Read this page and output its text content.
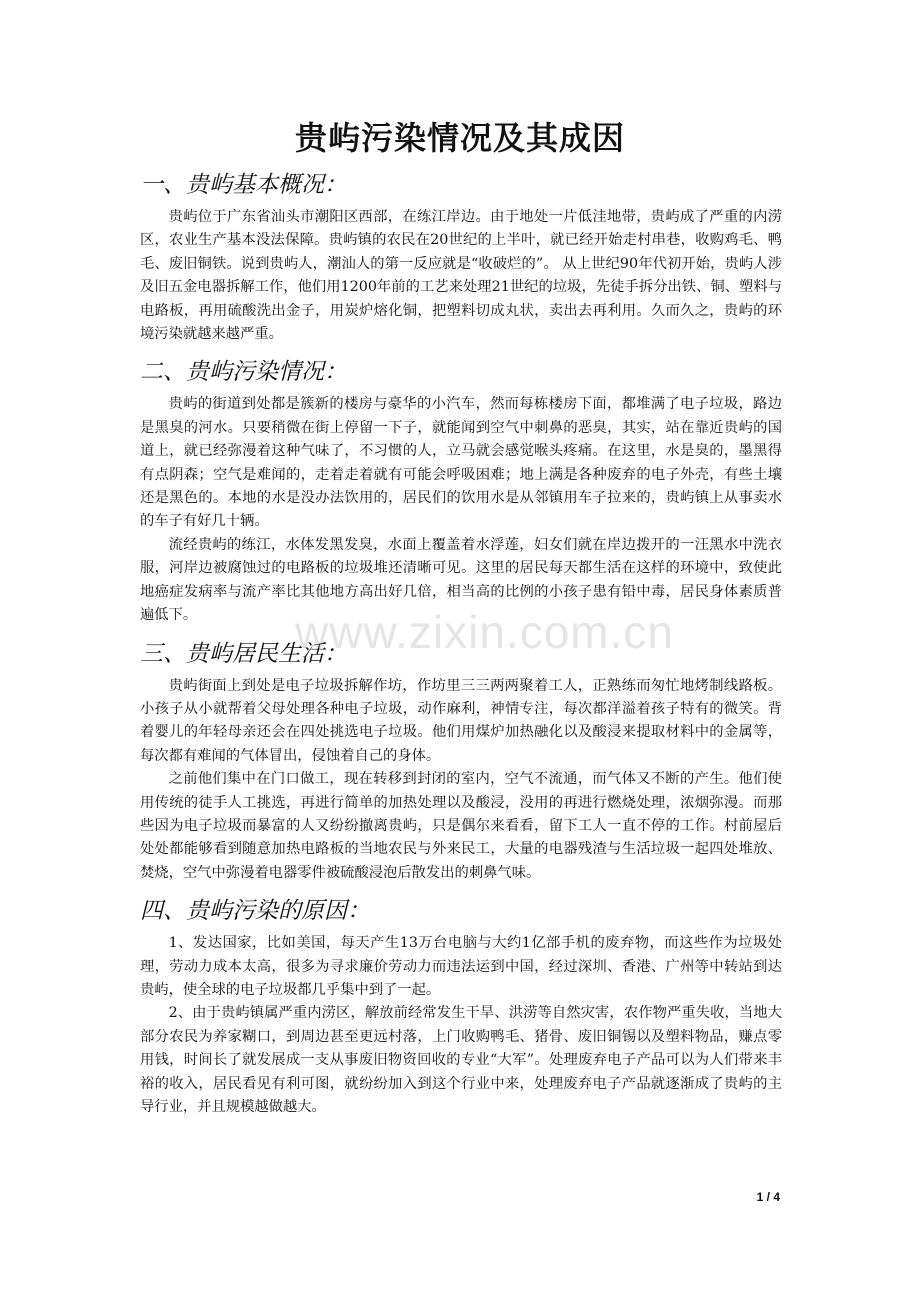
贵屿污染情况及其成因
一、贵屿基本概况：

贵屿位于广东省汕头市潮阳区西部，在练江岸边。由于地处一片低洼地带，贵屿成了严重的内涝区，农业生产基本没法保障。贵屿镇的农民在20世纪的上半叶，就已经开始走村串巷，收购鸡毛、鸭毛、废旧铜铁。说到贵屿人，潮汕人的第一反应就是“收破烂的”。 从上世纪90年代初开始，贵屿人涉及旧五金电器拆解工作，他们用1200年前的工艺来处理21世纪的垃圾，先徒手拆分出铁、铜、塑料与电路板，再用硫酸洗出金子，用炭炉熔化铜，把塑料切成丸状，卖出去再利用。久而久之，贵屿的环境污染就越来越严重。

二、贵屿污染情况：

贵屿的街道到处都是簇新的楼房与豪华的小汽车，然而每栋楼房下面，都堆满了电子垃圾，路边是黑臭的河水。只要稍微在街上停留一下子，就能闻到空气中刺鼻的恶臭，其实，站在靠近贵屿的国道上，就已经弥漫着这种气味了，不习惯的人，立马就会感觉喉头疼痛。在这里，水是臭的，墨黑得有点阴森；空气是难闻的，走着走着就有可能会呼吸困难；地上满是各种废弃的电子外壳，有些土壤还是黑色的。本地的水是没办法饮用的，居民们的饮用水是从邻镇用车子拉来的，贵屿镇上从事卖水的车子有好几十辆。

流经贵屿的练江，水体发黑发臭，水面上覆盖着水浮莲，妇女们就在岸边拨开的一汪黑水中洗衣服，河岸边被腐蚀过的电路板的垃圾堆还清晰可见。这里的居民每天都生活在这样的环境中，致使此地癌症发病率与流产率比其他地方高出好几倍，相当高的比例的小孩子患有铅中毒，居民身体素质普遍低下。

三、贵屿居民生活：

贵屿街面上到处是电子垃圾拆解作坊，作坊里三三两两聚着工人，正熟练而匆忙地烤制线路板。小孩子从小就帮着父母处理各种电子垃圾，动作麻利，神情专注，每次都洋溢着孩子特有的微笑。背着婴儿的年轻母亲还会在四处挑选电子垃圾。他们用煤炉加热融化以及酸浸来提取材料中的金属等，每次都有难闻的气体冒出，侵蚀着自己的身体。

之前他们集中在门口做工，现在转移到封闭的室内，空气不流通，而气体又不断的产生。他们使用传统的徒手人工挑选，再进行简单的加热处理以及酸浸，没用的再进行燃烧处理，浓烟弥漫。而那些因为电子垃圾而暴富的人又纷纷撤离贵屿，只是偶尔来看看，留下工人一直不停的工作。村前屋后处处都能够看到随意加热电路板的当地农民与外来民工，大量的电器残渣与生活垃圾一起四处堆放、焚烧，空气中弥漫着电器零件被硫酸浸泡后散发出的刺鼻气味。

四、贵屿污染的原因：

1、发达国家，比如美国，每天产生13万台电脑与大约1亿部手机的废弃物，而这些作为垃圾处理，劳动力成本太高，很多为寻求廉价劳动力而违法运到中国，经过深圳、香港、广州等中转站到达贵屿，使全球的电子垃圾都几乎集中到了一起。

2、由于贵屿镇属严重内涝区，解放前经常发生干旱、洪涝等自然灾害，农作物严重失收，当地大部分农民为养家糊口，到周边甚至更远村落，上门收购鸭毛、猪骨、废旧铜锡以及塑料物品，赚点零用钱，时间长了就发展成一支从事废旧物资回收的专业“大军”。处理废弃电子产品可以为人们带来丰裕的收入，居民看见有利可图，就纷纷加入到这个行业中来，处理废弃电子产品就逐渐成了贵屿的主导行业，并且规模越做越大。

www.zixin.com.cn
1 / 4
